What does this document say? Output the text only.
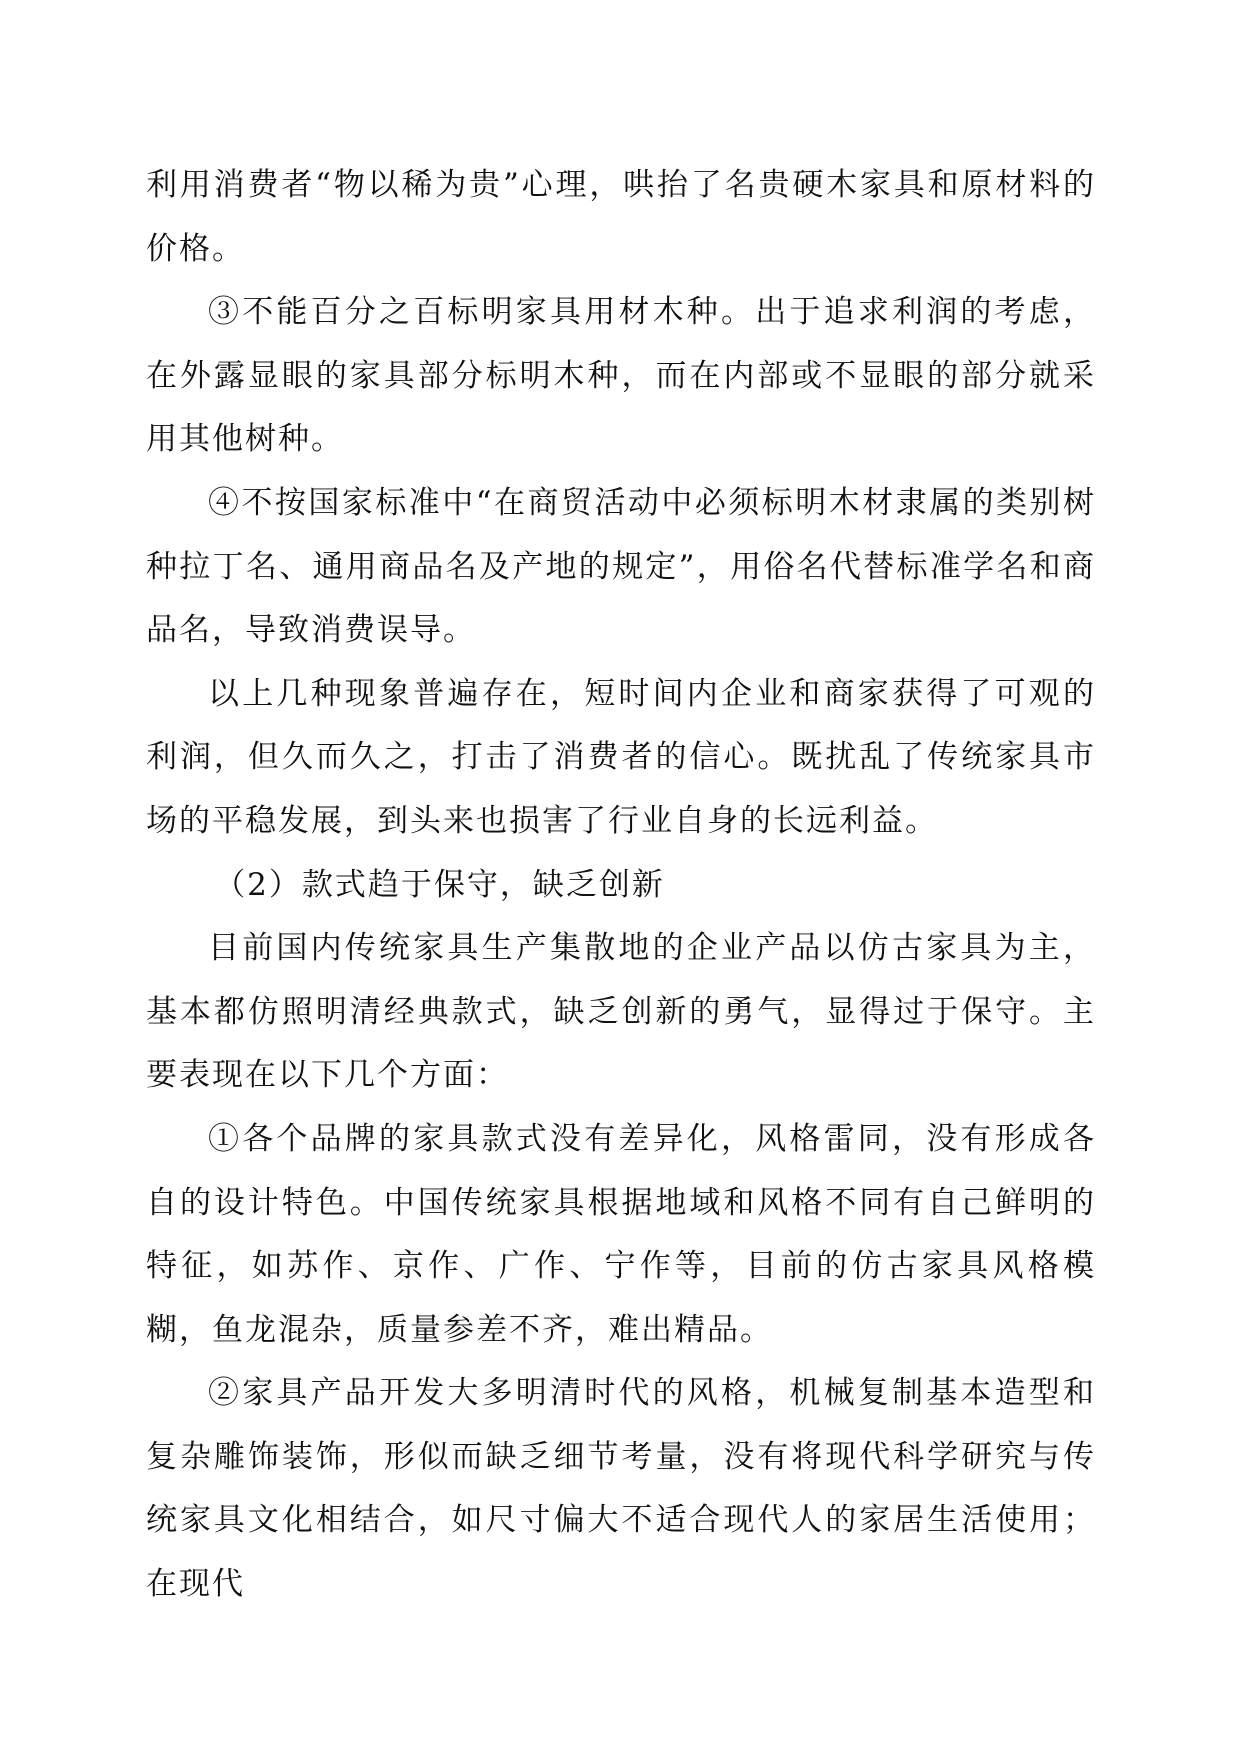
利用消费者“物以稀为贵”心理，哄抬了名贵硬木家具和原材料的价格。

③不能百分之百标明家具用材木种。出于追求利润的考虑，在外露显眼的家具部分标明木种，而在内部或不显眼的部分就采用其他树种。

④不按国家标准中“在商贸活动中必须标明木材隶属的类别树种拉丁名、通用商品名及产地的规定”，用俗名代替标准学名和商品名，导致消费误导。

以上几种现象普遍存在，短时间内企业和商家获得了可观的利润，但久而久之，打击了消费者的信心。既扰乱了传统家具市场的平稳发展，到头来也损害了行业自身的长远利益。

（2）款式趋于保守，缺乏创新

目前国内传统家具生产集散地的企业产品以仿古家具为主，基本都仿照明清经典款式，缺乏创新的勇气，显得过于保守。主要表现在以下几个方面：

①各个品牌的家具款式没有差异化，风格雷同，没有形成各自的设计特色。中国传统家具根据地域和风格不同有自己鲜明的特征，如苏作、京作、广作、宁作等，目前的仿古家具风格模糊，鱼龙混杂，质量参差不齐，难出精品。

②家具产品开发大多明清时代的风格，机械复制基本造型和复杂雕饰装饰，形似而缺乏细节考量，没有将现代科学研究与传统家具文化相结合，如尺寸偏大不适合现代人的家居生活使用；在现代
